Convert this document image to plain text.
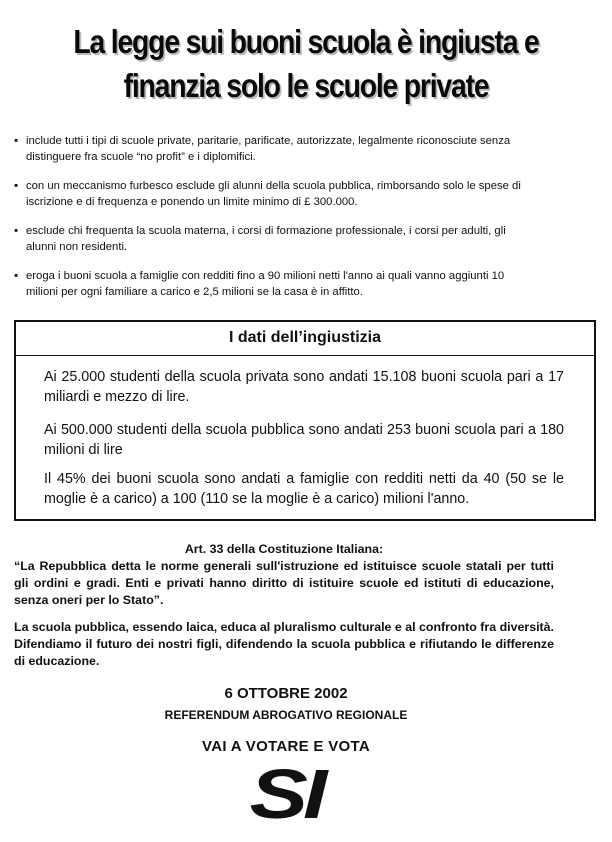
La legge sui buoni scuola è ingiusta e
finanzia solo le scuole private
▪ include tutti i tipi di scuole private, paritarie, parificate, autorizzate, legalmente riconosciute senza distinguere fra scuole “no profit” e i diplomifici.
▪ con un meccanismo furbesco esclude gli alunni della scuola pubblica, rimborsando solo le spese di iscrizione e di frequenza e ponendo un limite minimo di £ 300.000.
▪ esclude chi frequenta la scuola materna, i corsi di formazione professionale, i corsi per adulti, gli alunni non residenti.
▪ eroga i buoni scuola a famiglie con redditi fino a 90 milioni netti l'anno ai quali vanno aggiunti 10 milioni per ogni familiare a carico e 2,5 milioni se la casa è in affitto.
I dati dell’ingiustizia
Ai 25.000 studenti della scuola privata sono andati 15.108 buoni scuola pari a 17 miliardi e mezzo di lire.
Ai 500.000 studenti della scuola pubblica sono andati 253 buoni scuola pari a 180 milioni di lire
Il 45% dei buoni scuola sono andati a famiglie con redditi netti da 40 (50 se le moglie è a carico) a 100 (110 se la moglie è a carico) milioni l'anno.
Art. 33 della Costituzione Italiana:

“La Repubblica detta le norme generali sull'istruzione ed istituisce scuole statali per tutti gli ordini e gradi. Enti e privati hanno diritto di istituire scuole ed istituti di educazione, senza oneri per lo Stato”.

La scuola pubblica, essendo laica, educa al pluralismo culturale e al confronto fra diversità. Difendiamo il futuro dei nostri figli, difendendo la scuola pubblica e rifiutando le differenze di educazione.

6 OTTOBRE 2002
REFERENDUM ABROGATIVO REGIONALE
VAI A VOTARE E VOTA
SI
